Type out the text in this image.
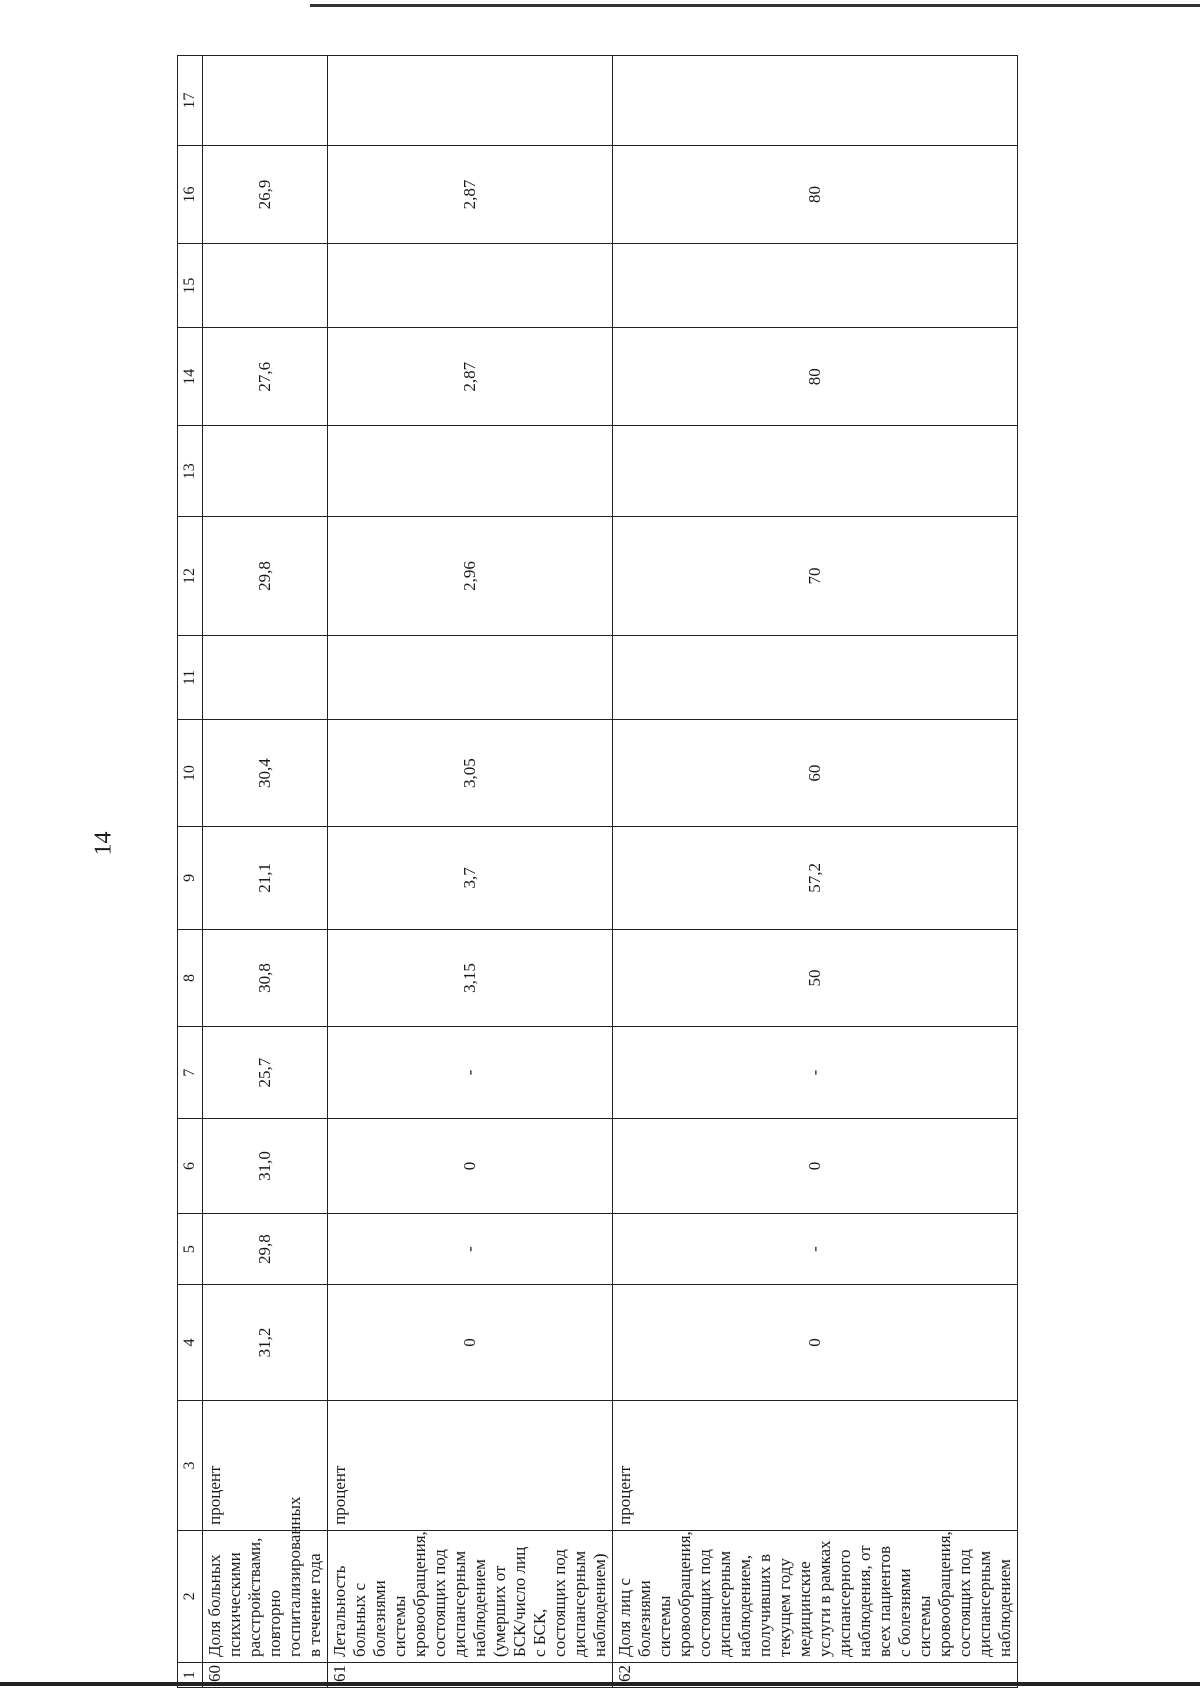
14
1	2	3	4	5	6	7	8	9	10	11	12	13	14	15	16	17
60	Доля больных психическими расстройствами, повторно госпитализированных в течение года	процент	31,2	29,8	31,0	25,7	30,8	21,1	30,4		29,8		27,6		26,9	
61	Летальность больных с болезнями системы кровообращения, состоящих под диспансерным наблюдением (умерших от БСК/число лиц с БСК, состоящих под диспансерным наблюдением)	процент	0	-	0	-	3,15	3,7	3,05		2,96		2,87		2,87	
62	Доля лиц с болезнями системы кровообращения, состоящих под диспансерным наблюдением, получивших в текущем году медицинские услуги в рамках диспансерного наблюдения, от всех пациентов с болезнями системы кровообращения, состоящих под диспансерным наблюдением	процент	0	-	0	-	50	57,2	60		70		80		80	
